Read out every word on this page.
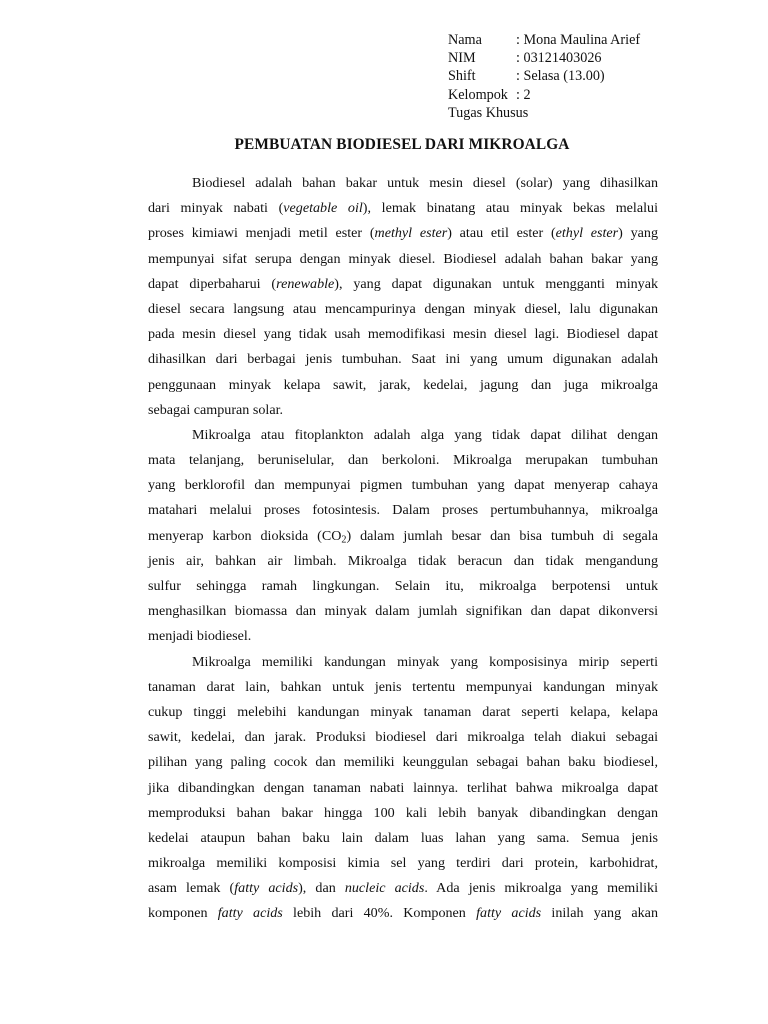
Nama	: Mona Maulina Arief
NIM	: 03121403026
Shift	: Selasa (13.00)
Kelompok : 2
Tugas Khusus
PEMBUATAN BIODIESEL DARI MIKROALGA
Biodiesel adalah bahan bakar untuk mesin diesel (solar) yang dihasilkan
dari minyak nabati (vegetable oil), lemak binatang atau minyak bekas melalui
proses kimiawi menjadi metil ester (methyl ester) atau etil ester (ethyl ester) yang
mempunyai sifat serupa dengan minyak diesel. Biodiesel adalah bahan bakar yang
dapat diperbaharui (renewable), yang dapat digunakan untuk mengganti minyak
diesel secara langsung atau mencampurinya dengan minyak diesel, lalu digunakan
pada mesin diesel yang tidak usah memodifikasi mesin diesel lagi. Biodiesel dapat
dihasilkan dari berbagai jenis tumbuhan. Saat ini yang umum digunakan adalah
penggunaan minyak kelapa sawit, jarak, kedelai, jagung dan juga mikroalga
sebagai campuran solar.
Mikroalga atau fitoplankton adalah alga yang tidak dapat dilihat dengan
mata telanjang, beruniselular, dan berkoloni. Mikroalga merupakan tumbuhan
yang berklorofil dan mempunyai pigmen tumbuhan yang dapat menyerap cahaya
matahari melalui proses fotosintesis. Dalam proses pertumbuhannya, mikroalga
menyerap karbon dioksida $(CO_2)$ dalam jumlah besar dan bisa tumbuh di segala
jenis air, bahkan air limbah. Mikroalga tidak beracun dan tidak mengandung
sulfur sehingga ramah lingkungan. Selain itu, mikroalga berpotensi untuk
menghasilkan biomassa dan minyak dalam jumlah signifikan dan dapat dikonversi
menjadi biodiesel.
Mikroalga memiliki kandungan minyak yang komposisinya mirip seperti
tanaman darat lain, bahkan untuk jenis tertentu mempunyai kandungan minyak
cukup tinggi melebihi kandungan minyak tanaman darat seperti kelapa, kelapa
sawit, kedelai, dan jarak. Produksi biodiesel dari mikroalga telah diakui sebagai
pilihan yang paling cocok dan memiliki keunggulan sebagai bahan baku biodiesel,
jika dibandingkan dengan tanaman nabati lainnya. terlihat bahwa mikroalga dapat
memproduksi bahan bakar hingga 100 kali lebih banyak dibandingkan dengan
kedelai ataupun bahan baku lain dalam luas lahan yang sama. Semua jenis
mikroalga memiliki komposisi kimia sel yang terdiri dari protein, karbohidrat,
asam lemak (fatty acids), dan nucleic acids. Ada jenis mikroalga yang memiliki
komponen fatty acids lebih dari 40%. Komponen fatty acids inilah yang akan
